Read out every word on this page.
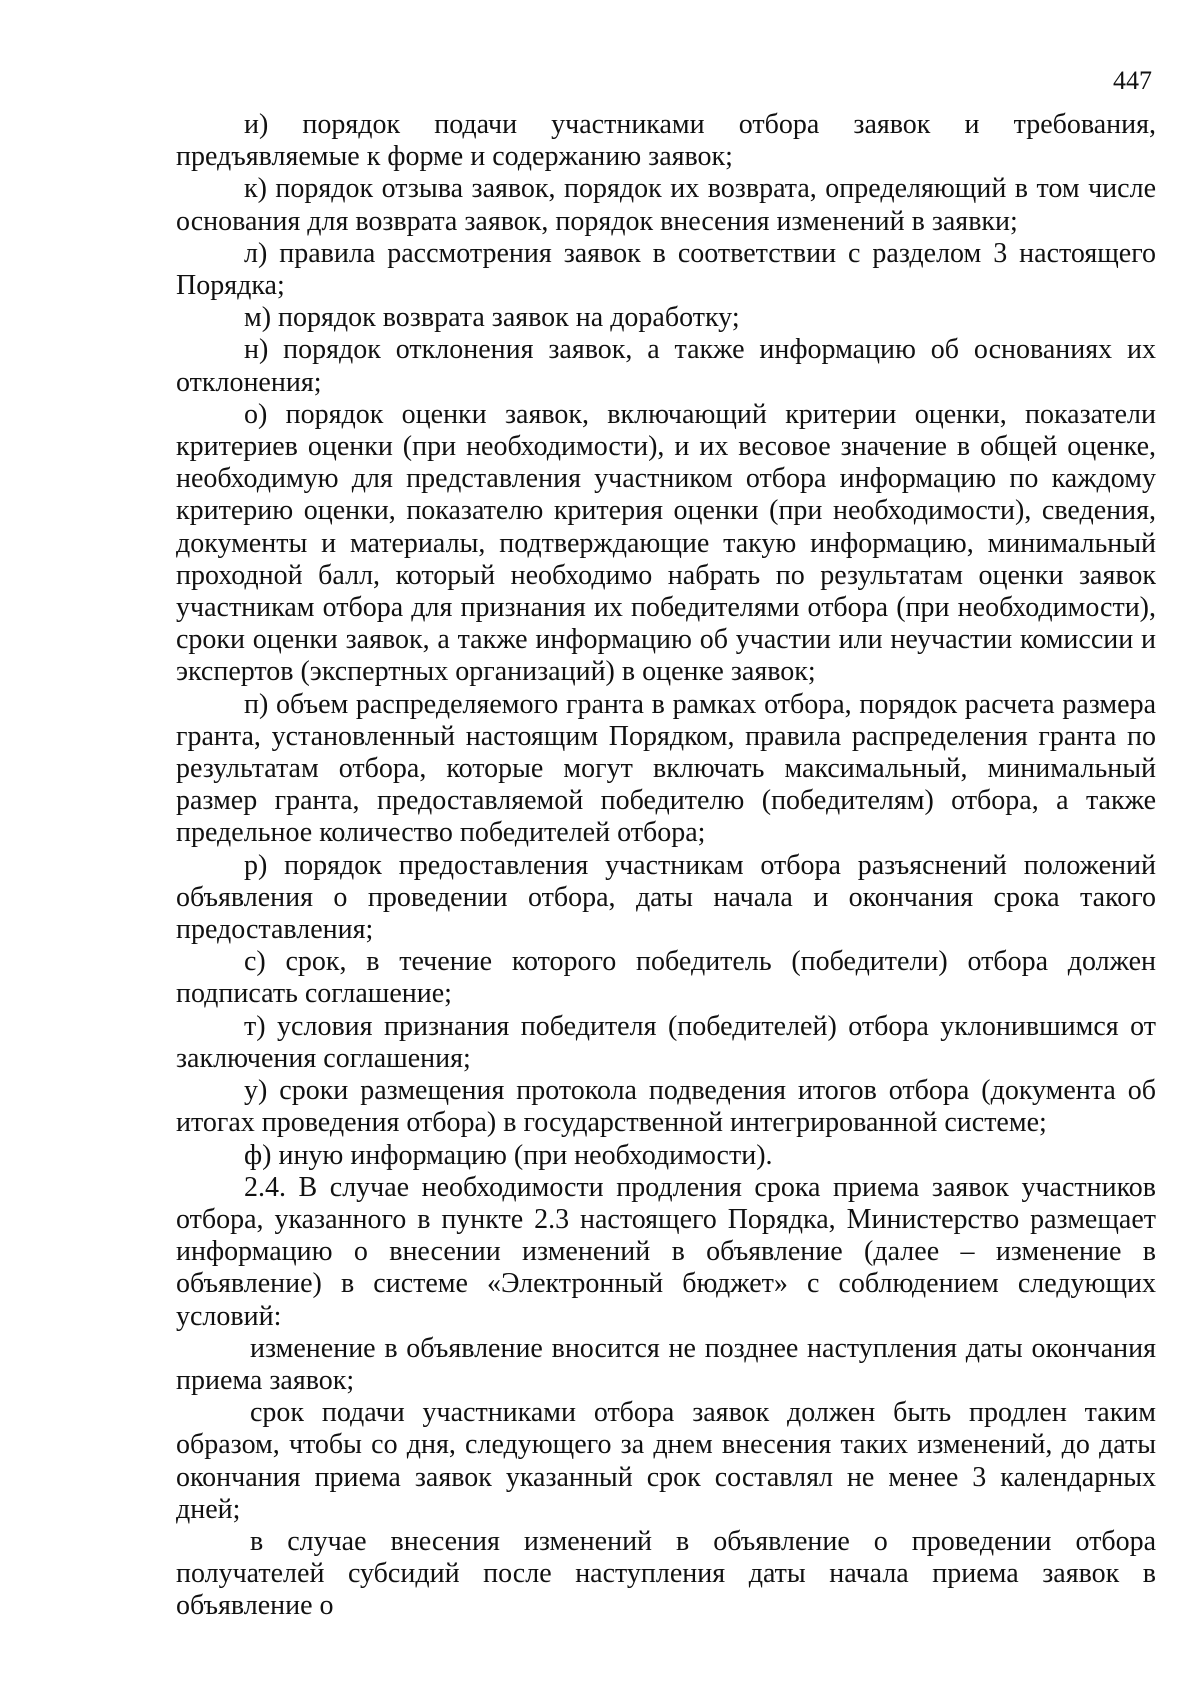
447

и) порядок подачи участниками отбора заявок и требования, предъявляемые к форме и содержанию заявок;

к) порядок отзыва заявок, порядок их возврата, определяющий в том числе основания для возврата заявок, порядок внесения изменений в заявки;

л) правила рассмотрения заявок в соответствии с разделом 3 настоящего Порядка;

м) порядок возврата заявок на доработку;

н) порядок отклонения заявок, а также информацию об основаниях их отклонения;

о) порядок оценки заявок, включающий критерии оценки, показатели критериев оценки (при необходимости), и их весовое значение в общей оценке, необходимую для представления участником отбора информацию по каждому критерию оценки, показателю критерия оценки (при необходимости), сведения, документы и материалы, подтверждающие такую информацию, минимальный проходной балл, который необходимо набрать по результатам оценки заявок участникам отбора для признания их победителями отбора (при необходимости), сроки оценки заявок, а также информацию об участии или неучастии комиссии и экспертов (экспертных организаций) в оценке заявок;

п) объем распределяемого гранта в рамках отбора, порядок расчета размера гранта, установленный настоящим Порядком, правила распределения гранта по результатам отбора, которые могут включать максимальный, минимальный размер гранта, предоставляемой победителю (победителям) отбора, а также предельное количество победителей отбора;

р) порядок предоставления участникам отбора разъяснений положений объявления о проведении отбора, даты начала и окончания срока такого предоставления;

с) срок, в течение которого победитель (победители) отбора должен подписать соглашение;

т) условия признания победителя (победителей) отбора уклонившимся от заключения соглашения;

у) сроки размещения протокола подведения итогов отбора (документа об итогах проведения отбора) в государственной интегрированной системе;

ф) иную информацию (при необходимости).

2.4. В случае необходимости продления срока приема заявок участников отбора, указанного в пункте 2.3 настоящего Порядка, Министерство размещает информацию о внесении изменений в объявление (далее – изменение в объявление) в системе «Электронный бюджет» с соблюдением следующих условий:

изменение в объявление вносится не позднее наступления даты окончания приема заявок;

срок подачи участниками отбора заявок должен быть продлен таким образом, чтобы со дня, следующего за днем внесения таких изменений, до даты окончания приема заявок указанный срок составлял не менее 3 календарных дней;

в случае внесения изменений в объявление о проведении отбора получателей субсидий после наступления даты начала приема заявок в объявление о
